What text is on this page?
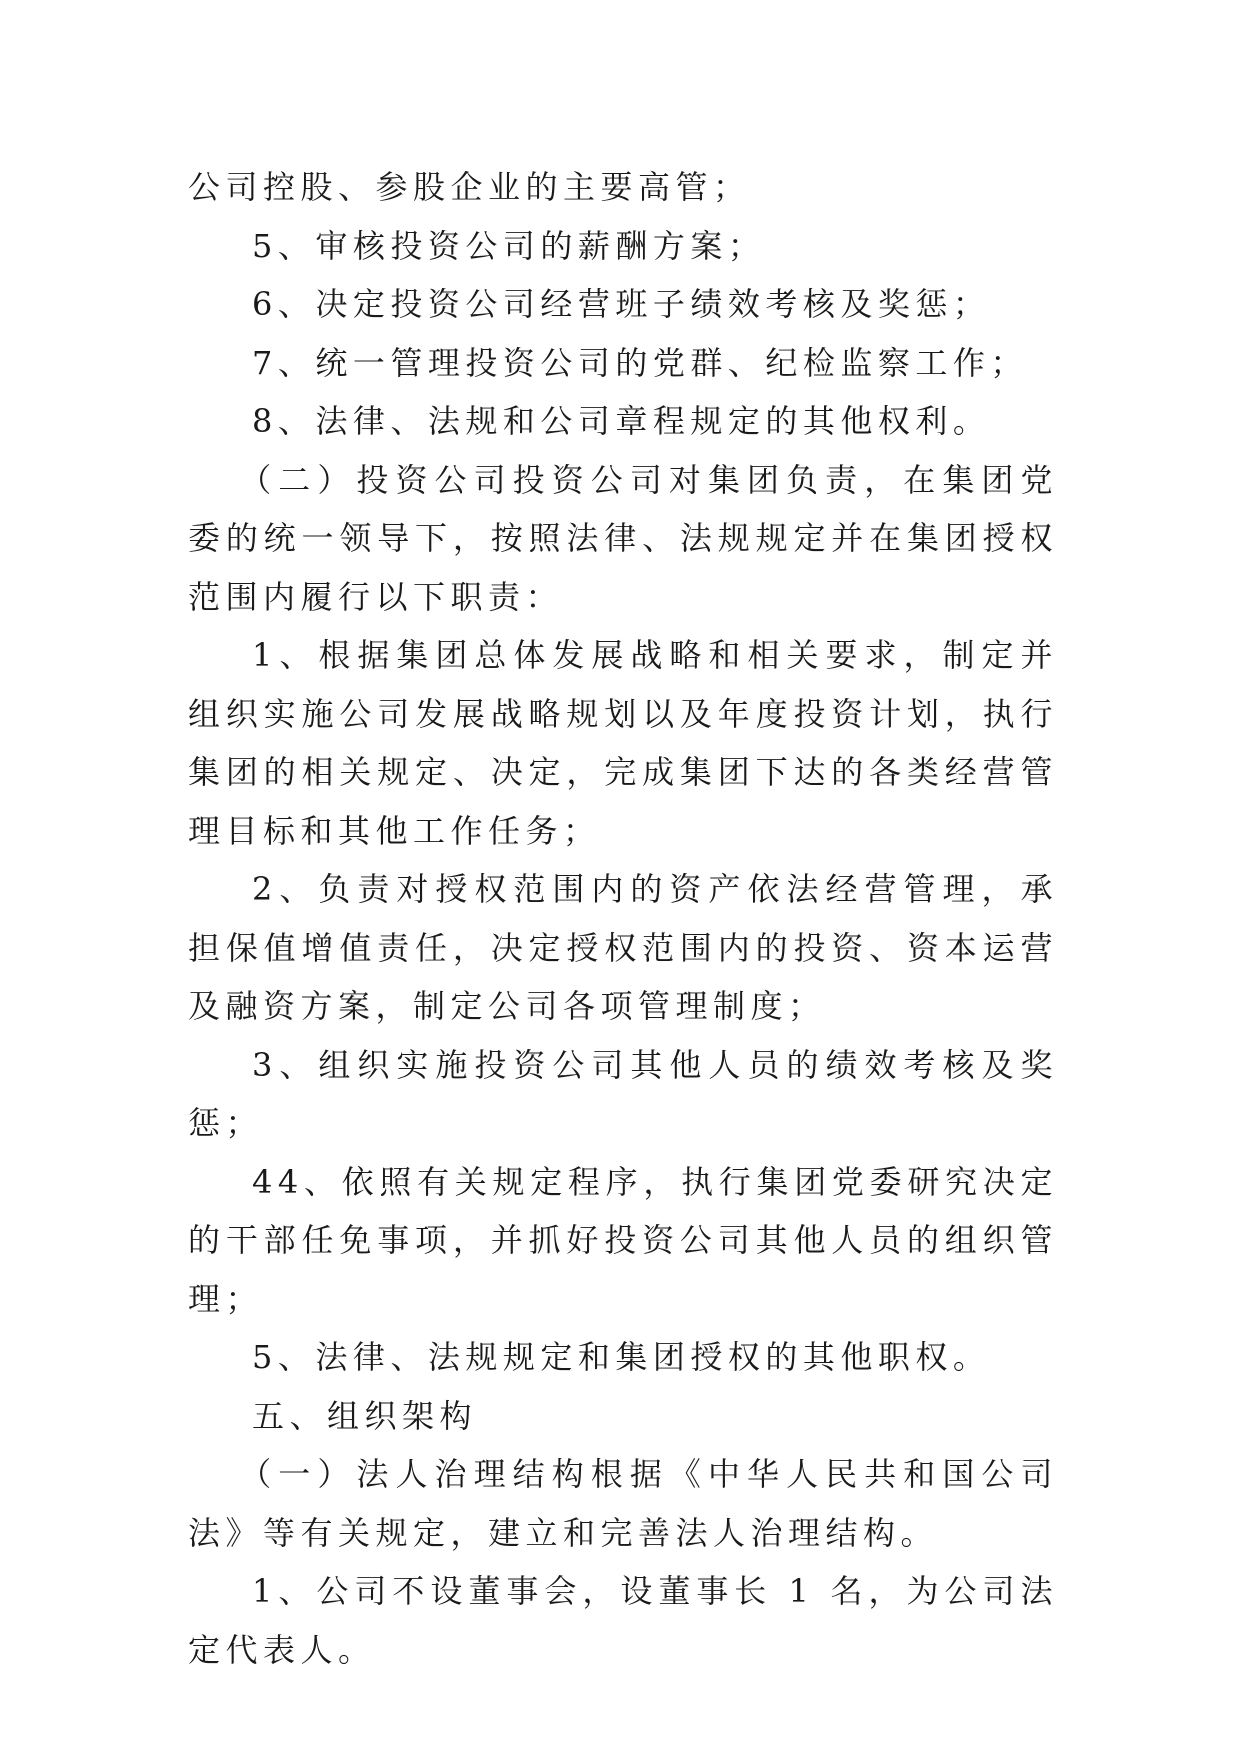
公司控股、参股企业的主要高管；

5、审核投资公司的薪酬方案；

6、决定投资公司经营班子绩效考核及奖惩；

7、统一管理投资公司的党群、纪检监察工作；

8、法律、法规和公司章程规定的其他权利。

（二）投资公司投资公司对集团负责，在集团党委的统一领导下，按照法律、法规规定并在集团授权范围内履行以下职责：

1、根据集团总体发展战略和相关要求，制定并组织实施公司发展战略规划以及年度投资计划，执行集团的相关规定、决定，完成集团下达的各类经营管理目标和其他工作任务；

2、负责对授权范围内的资产依法经营管理，承担保值增值责任，决定授权范围内的投资、资本运营及融资方案，制定公司各项管理制度；

3、组织实施投资公司其他人员的绩效考核及奖惩；

44、依照有关规定程序，执行集团党委研究决定的干部任免事项，并抓好投资公司其他人员的组织管理；

5、法律、法规规定和集团授权的其他职权。

五、组织架构

（一）法人治理结构根据《中华人民共和国公司法》等有关规定，建立和完善法人治理结构。

1、公司不设董事会，设董事长 1 名，为公司法定代表人。
